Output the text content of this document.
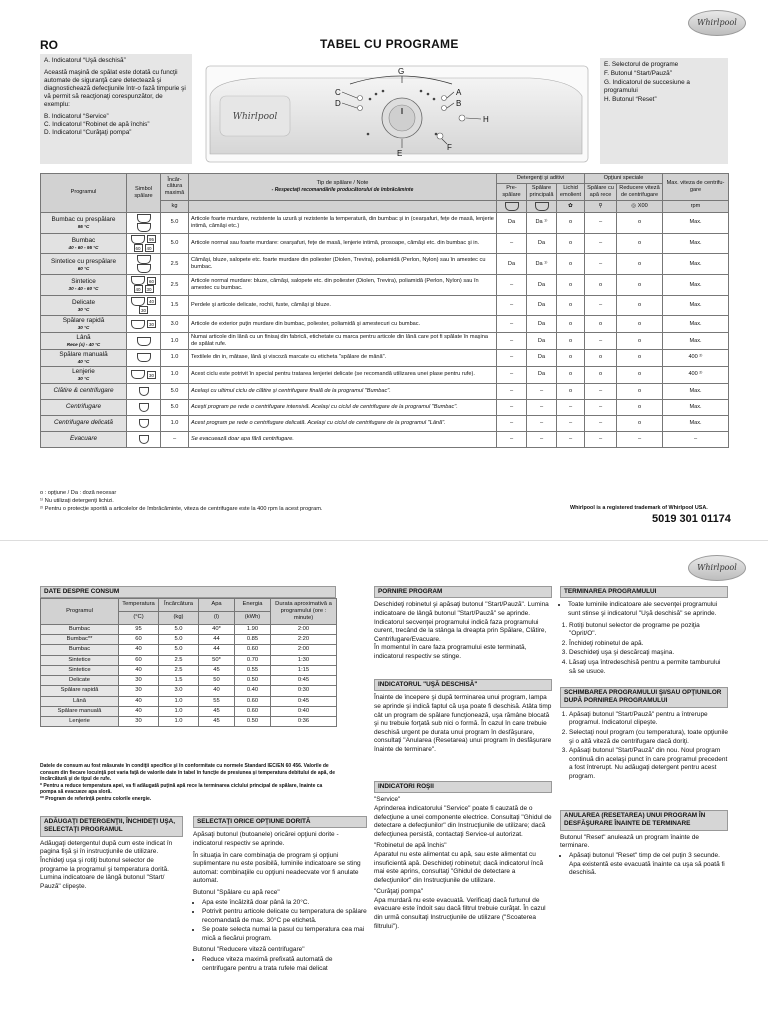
Whirlpool
RO	TABEL CU PROGRAME

A. Indicatorul “Uşă deschisă”

Această maşină de spălat este dotată cu funcţii automate de siguranţă care detectează şi diagnostichează defecţiunile într-o fază timpurie şi vă permit să reacţionaţi corespunzător, de exemplu:

B. Indicatorul “Service”

C. Indicatorul “Robinet de apă închis”

D. Indicatorul “Curăţaţi pompa”

E. Selectorul de programe

F. Butonul “Start/Pauză”

G. Indicatorul de succesiune a programului

H. Butonul “Reset”

Whirlpool
G
C
D
A
B
H
E
F
Programul	Simbol spălare	Încăr-cătura maximă	Tip de spălare / Note
- Respectaţi recomandările producătorului de îmbrăcăminte	Detergenţi şi aditivi			Opţiuni speciale		Max. viteza de centrifu-gare
				Pre-spălare	Spălare principală	Lichid emolient	Spălare cu apă rece	Reducere viteză de centrifugare	
		kg				✿	⚲	◎ X00	rpm

Bumbac cu prespălare
95 °C		5.0	Articole foarte murdare, rezistente la uzură şi rezistente la temperatură, din bumbac şi in (cearşafuri, feţe de masă, lenjerie intimă, câmăşi etc.)	Da	Da ¹⁾	o	–	o	Max.

Bumbac
40 - 60 - 95 °C	9560 40	5.0	Articole normal sau foarte murdare: cearşafuri, feţe de masă, lenjerie intimă, prosoape, cămăşi etc. din bumbac şi in.	–	Da	o	–	o	Max.

Sintetice cu prespălare
60 °C		2.5	Cămăşi, bluze, salopete etc. foarte murdare din poliester (Diolen, Trevira), poliamidă (Perlon, Nylon) sau în amestec cu bumbac.	Da	Da ¹⁾	o	–	o	Max.

Sintetice
30 - 40 - 60 °C	6040 30	2.5	Articole normal murdare: bluze, cămăşi, salopete etc. din poliester (Diolen, Trevira), poliamidă (Perlon, Nylon) sau în amestec cu bumbac.	–	Da	o	o	o	Max.

Delicate
30 °C	4030	1.5	Perdele şi articole delicate, rochii, fuste, cămăşi şi bluze.	–	Da	o	–	o	Max.

Spălare rapidă
30 °C	30	3.0	Articole de exterior puţin murdare din bumbac, poliester, poliamidă şi amestecuri cu bumbac.	–	Da	o	o	o	Max.

Lână
Rece (x) - 40 °C		1.0	Numai articole din lână cu un finisaj din fabrică, etichetate cu marca pentru articole din lână care pot fi spălate în maşina de spălat rufe.	–	Da	o	–	o	Max.

Spălare manuală
40 °C		1.0	Textilele din in, mătase, lână şi viscoză marcate cu eticheta "spălare de mână".	–	Da	o	o	o	400 ²⁾

Lenjerie
30 °C	30	1.0	Acest ciclu este potrivit în special pentru tratarea lenjeriei delicate (se recomandă utilizarea unei plase pentru rufe).	–	Da	o	o	o	400 ²⁾

Clătire & centrifugare		5.0	Acelaşi cu ultimul ciclu de clătire şi centrifugare finală de la programul "Bumbac".	–	–	o	–	o	Max.

Centrifugare		5.0	Aceşti program pe rede o centrifugare intensivă. Acelaşi cu ciclul de centrifugare de la programul "Bumbac".	–	–	–	–	o	Max.

Centrifugare delicată		1.0	Acest program pe rede o centrifugare delicată. Acelaşi cu ciclul de centrifugare de la programul "Lână".	–	–	–	–	o	Max.

Evacuare		–	Se evacuează doar apa fără centrifugare.	–	–	–	–	–	–
o : opţiune / Da : doză necesar
¹⁾ Nu utilizaţi detergenţi lichizi.
²⁾ Pentru o protecţie sporită a articolelor de îmbrăcăminte, viteza de centrifugare este la 400 rpm la acest program.	Whirlpool is a registered trademark of Whirlpool USA.
5019 301 01174
Whirlpool
DATE DESPRE CONSUM
Programul	Temperatura	Încărcătura	Apa	Energia	Durata aproximativă a programului (ore : minute)
	(°C)	(kg)	(l)	(kWh)	
Bumbac	95	5.0	40*	1.90	2:00
Bumbac**	60	5.0	44	0.85	2:20
Bumbac	40	5.0	44	0.60	2:00
Sintetice	60	2.5	50*	0.70	1:30
Sintetice	40	2.5	45	0.55	1:15
Delicate	30	1.5	50	0.50	0:45
Spălare rapidă	30	3.0	40	0.40	0:30
Lână	40	1.0	55	0.60	0:45
Spălare manuală	40	1.0	45	0.60	0:40
Lenjerie	30	1.0	45	0.50	0:36
Datele de consum au fost măsurate în condiţii specifice şi în conformitate cu normele Standard IEC/EN 60 456. Valorile de consum din fiecare locuinţă pot varia faţă de valorile date în tabel în funcţie de presiunea şi temperatura debitului de apă, de încărcătură şi de tipul de rufe.
* Pentru a reduce temperatura apei, va fi adăugată puţină apă rece la terminarea ciclului principal de spălare, înainte ca pompa să evacueze apa sloră.
** Program de referinţă pentru colorile energie.
ADĂUGAŢI DETERGENŢII, ÎNCHIDEŢI UŞA, SELECTAŢI PROGRAMUL

Adăugaţi detergentul după cum este indicat în pagina fişă şi în instrucţiunile de utilizare. Închideţi uşa şi rotiţi butonul selector de programe la programul şi temperatura dorită. Lumina indicatoare de lângă butonul "Start/ Pauză" clipeşte.

SELECTAŢI ORICE OPŢIUNE DORITĂ

Apăsaţi butonul (butoanele) oricărei opţiuni dorite - indicatorul respectiv se aprinde.

În situaţia în care combinaţia de program şi opţiuni suplimentare nu este posibilă, luminile indicatoare se sting automat: combinaţiile cu opţiuni neadecvate vor fi anulate automat.

Butonul "Spălare cu apă rece"

• Apa este încălzită doar până la 20°C.
• Potrivit pentru articole delicate cu temperatura de spălare recomandată de max. 30°C pe etichetă.
• Se poate selecta numai la pasul cu temperatura cea mai mică a fiecărui program.

Butonul "Reducere viteză centrifugare"

• Reduce viteza maximă prefixată automată de centrifugare pentru a trata rufele mai delicat
PORNIRE PROGRAM

Deschideţi robinetul şi apăsaţi butonul "Start/Pauză". Lumina indicatoare de lângă butonul "Start/Pauză" se aprinde. Indicatorul secvenţei programului indică faza programului curent, trecând de la stânga la dreapta prin Spălare, Clătire, Centrifugare/Evacuare.
În momentul în care faza programului este terminată, indicatorul respectiv se stinge.

INDICATORUL "UŞĂ DESCHISĂ"

Înainte de începere şi după terminarea unui program, lampa se aprinde şi indică faptul că uşa poate fi deschisă. Atâta timp cât un program de spălare funcţionează, uşa rămâne blocată şi nu trebuie forţată sub nici o formă. În cazul în care trebuie deschisă urgent pe durata unui program în desfăşurare, consultaţi "Anularea (Resetarea) unui program în desfăşurare înainte de terminare".

INDICATORI ROŞII

"Service"

Aprinderea indicatorului "Service" poate fi cauzată de o defecţiune a unei componente electrice. Consultaţi "Ghidul de detectare a defecţiunilor" din Instrucţiunile de utilizare; dacă defecţiunea persistă, contactaţi Service-ul autorizat.

"Robinetul de apă închis"

Aparatul nu este alimentat cu apă, sau este alimentat cu insuficientă apă. Deschideţi robinetul; dacă indicatorul încă mai este aprins, consultaţi "Ghidul de detectare a defecţiunilor" din Instrucţiunile de utilizare.

"Curăţaţi pompa"

Apa murdară nu este evacuată. Verificaţi dacă furtunul de evacuare este îndoit sau dacă filtrul trebuie curăţat. În cazul din urmă consultaţi Instrucţiunile de utilizare ("Scoaterea filtrului").

TERMINAREA PROGRAMULUI
• Toate luminile indicatoare ale secvenţei programului sunt stinse şi indicatorul "Uşă deschisă" se aprinde.
1. Rotiţi butonul selector de programe pe poziţia "Oprit/O".
2. Închideţi robinetul de apă.
3. Deschideţi uşa şi descărcaţi maşina.
4. Lăsaţi uşa întredeschisă pentru a permite tamburului să se usuce.
SCHIMBAREA PROGRAMULUI ŞI/SAU OPŢIUNILOR DUPĂ PORNIREA PROGRAMULUI
1. Apăsaţi butonul "Start/Pauză" pentru a întrerupe programul. Indicatorul clipeşte.
2. Selectaţi noul program (cu temperatura), toate opţiunile şi o altă viteză de centrifugare dacă doriţi.
3. Apăsaţi butonul "Start/Pauză" din nou. Noul program continuă din acelaşi punct în care programul precedent a fost întrerupt. Nu adăugaţi detergent pentru acest program.
ANULAREA (RESETAREA) UNUI PROGRAM ÎN DESFĂŞURARE ÎNAINTE DE TERMINARE

Butonul "Reset" anulează un program înainte de terminare.

• Apăsaţi butonul "Reset" timp de cel puţin 3 secunde. Apa existentă este evacuată înainte ca uşa să poată fi deschisă.
